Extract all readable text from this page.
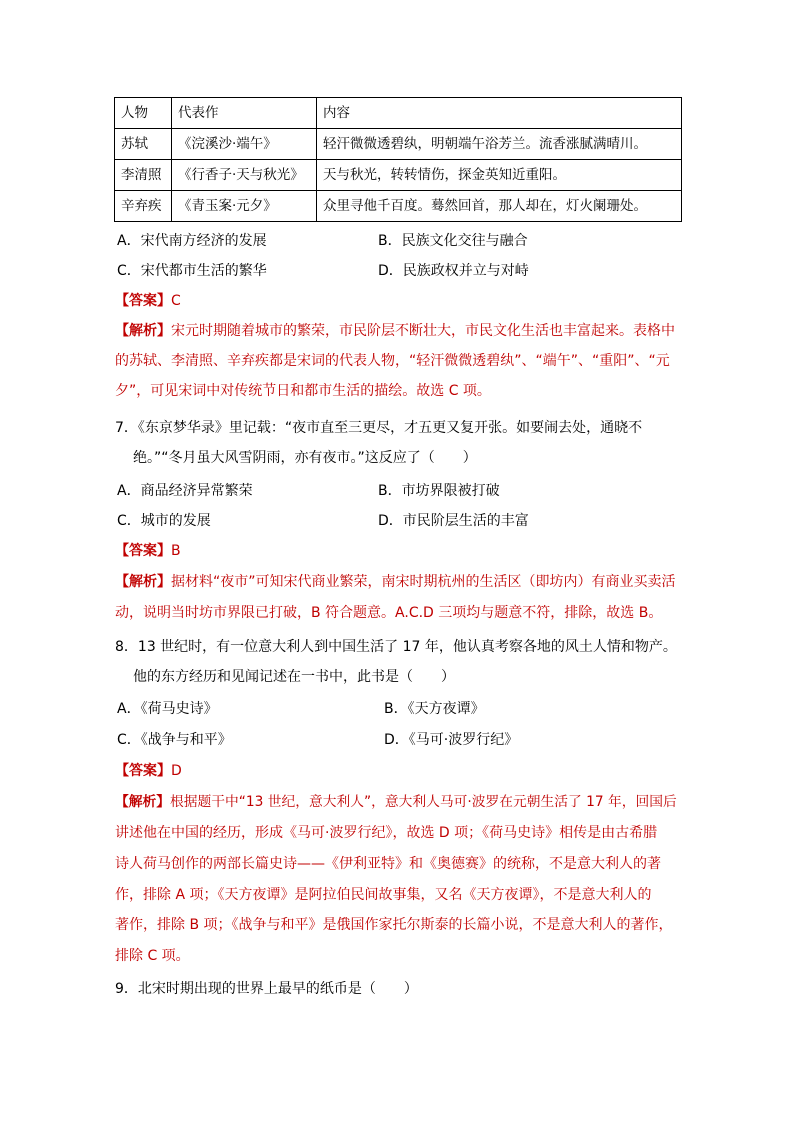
人物	代表作	内容
苏轼	《浣溪沙·端午》	轻汗微微透碧纨，明朝端午浴芳兰。流香涨腻满晴川。
李清照	《行香子·天与秋光》	天与秋光，转转情伤，探金英知近重阳。
辛弃疾	《青玉案·元夕》	众里寻他千百度。蓦然回首，那人却在，灯火阑珊处。
A．宋代南方经济的发展	B．民族文化交往与融合
C．宋代都市生活的繁华	D．民族政权并立与对峙
【答案】C
【解析】宋元时期随着城市的繁荣，市民阶层不断壮大，市民文化生活也丰富起来。表格中
的苏轼、李清照、辛弃疾都是宋词的代表人物，“轻汗微微透碧纨”、“端午”、“重阳”、“元
夕”，可见宋词中对传统节日和都市生活的描绘。故选 C 项。
7．《东京梦华录》里记载：“夜市直至三更尽，才五更又复开张。如要闹去处，通晓不
绝。”“冬月虽大风雪阴雨，亦有夜市。”这反应了（　　）
A．商品经济异常繁荣	B．市坊界限被打破
C．城市的发展	D．市民阶层生活的丰富
【答案】B
【解析】据材料“夜市”可知宋代商业繁荣，南宋时期杭州的生活区（即坊内）有商业买卖活
动，说明当时坊市界限已打破，B 符合题意。A.C.D 三项均与题意不符，排除，故选 B。
8．13 世纪时，有一位意大利人到中国生活了 17 年，他认真考察各地的风土人情和物产。
他的东方经历和见闻记述在一书中，此书是（　　）
A．《荷马史诗》	B．《天方夜谭》
C．《战争与和平》	D．《马可·波罗行纪》
【答案】D
【解析】根据题干中“13 世纪，意大利人”，意大利人马可·波罗在元朝生活了 17 年，回国后
讲述他在中国的经历，形成《马可·波罗行纪》，故选 D 项；《荷马史诗》相传是由古希腊
诗人荷马创作的两部长篇史诗——《伊利亚特》和《奥德赛》的统称，不是意大利人的著
作，排除 A 项；《天方夜谭》是阿拉伯民间故事集，又名《天方夜谭》，不是意大利人的
著作，排除 B 项；《战争与和平》是俄国作家托尔斯泰的长篇小说，不是意大利人的著作，
排除 C 项。
9．北宋时期出现的世界上最早的纸币是（　　）
